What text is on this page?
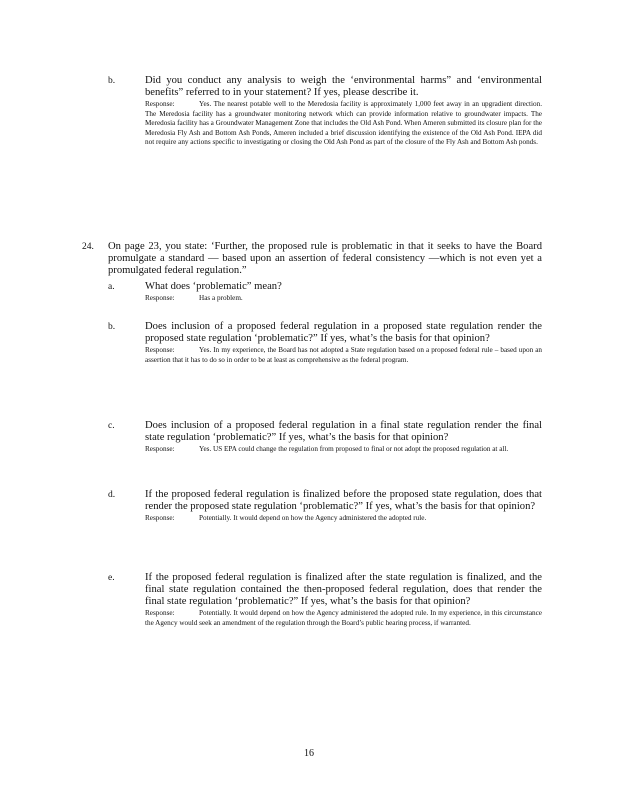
b.	Did you conduct any analysis to weigh the ‘environmental harms” and ‘environmental benefits” referred to in your statement? If yes, please describe it.
Response:	Yes. The nearest potable well to the Meredosia facility is approximately 1,000 feet away in an upgradient direction. The Meredosia facility has a groundwater monitoring network which can provide information relative to groundwater impacts. The Meredosia facility has a Groundwater Management Zone that includes the Old Ash Pond. When Ameren submitted its closure plan for the Meredosia Fly Ash and Bottom Ash Ponds, Ameren included a brief discussion identifying the existence of the Old Ash Pond. IEPA did not require any actions specific to investigating or closing the Old Ash Pond as part of the closure of the Fly Ash and Bottom Ash ponds.
24. On page 23, you state: ‘Further, the proposed rule is problematic in that it seeks to have the Board promulgate a standard — based upon an assertion of federal consistency —which is not even yet a promulgated federal regulation.”
a.	What does ‘problematic” mean?
Response:	Has a problem.
b.	Does inclusion of a proposed federal regulation in a proposed state regulation render the proposed state regulation ‘problematic?” If yes, what’s the basis for that opinion?
Response:	Yes. In my experience, the Board has not adopted a State regulation based on a proposed federal rule – based upon an assertion that it has to do so in order to be at least as comprehensive as the federal program.
c.	Does inclusion of a proposed federal regulation in a final state regulation render the final state regulation ‘problematic?” If yes, what’s the basis for that opinion?
Response:	Yes. US EPA could change the regulation from proposed to final or not adopt the proposed regulation at all.
d.	If the proposed federal regulation is finalized before the proposed state regulation, does that render the proposed state regulation ‘problematic?” If yes, what’s the basis for that opinion?
Response:	Potentially. It would depend on how the Agency administered the adopted rule.
e.	If the proposed federal regulation is finalized after the state regulation is finalized, and the final state regulation contained the then-proposed federal regulation, does that render the final state regulation ‘problematic?” If yes, what’s the basis for that opinion?
Response:	Potentially. It would depend on how the Agency administered the adopted rule. In my experience, in this circumstance the Agency would seek an amendment of the regulation through the Board’s public hearing process, if warranted.
16
